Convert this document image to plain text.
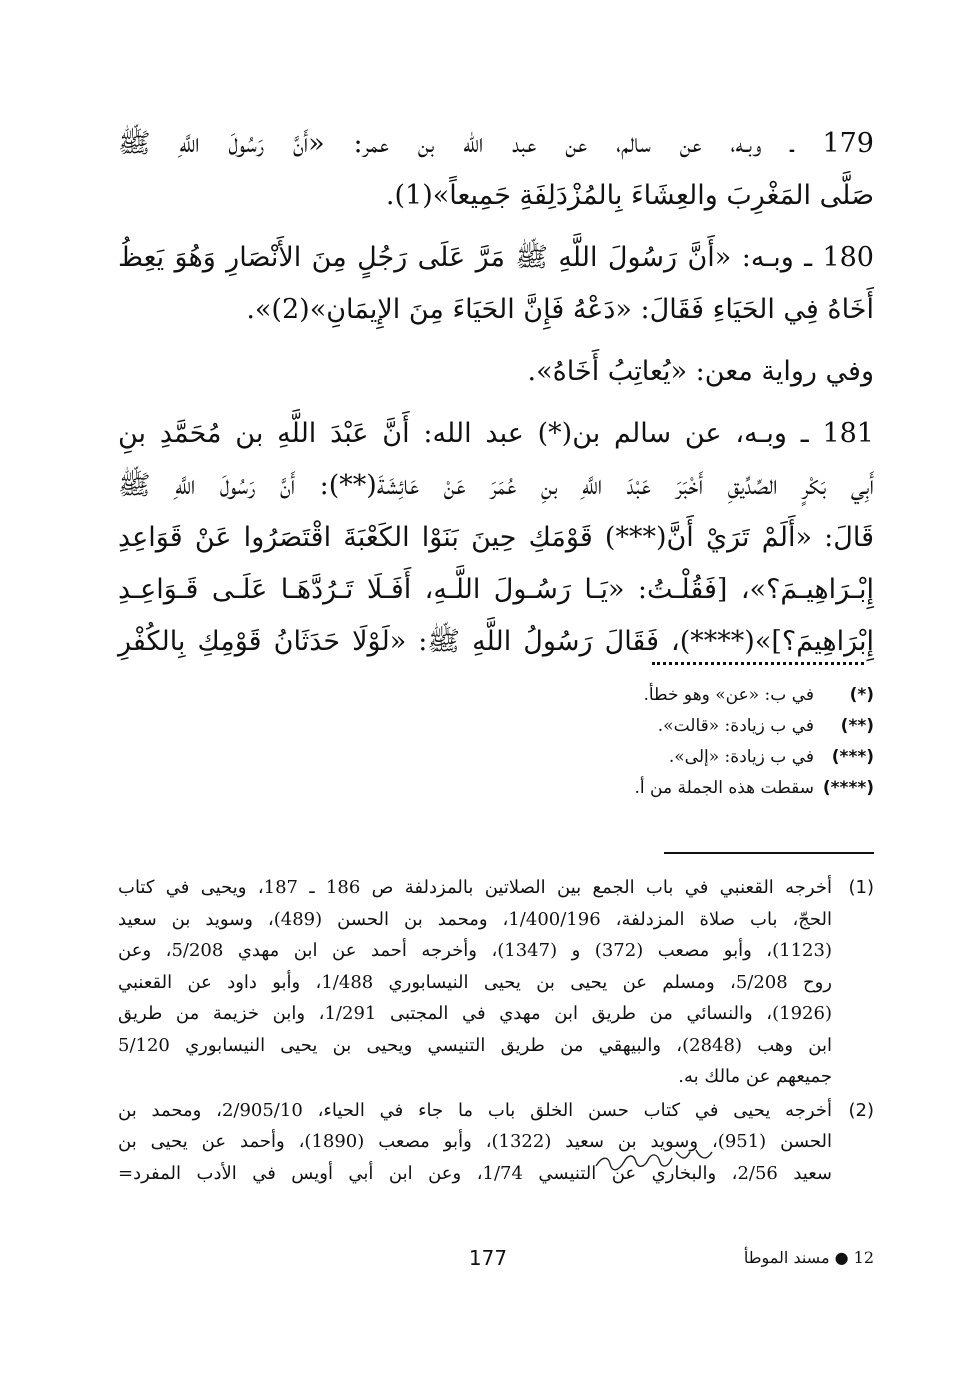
179 ـ وبـه، عن سالم، عن عبد الله بن عمر: «أَنَّ رَسُولَ اللَّهِ ﷺ
صَلَّى المَغْرِبَ والعِشَاءَ بِالمُزْدَلِفَةِ جَمِيعاً»(1).
180 ـ وبـه: «أَنَّ رَسُولَ اللَّهِ ﷺ مَرَّ عَلَى رَجُلٍ مِنَ الأَنْصَارِ وَهُوَ يَعِظُ
أَخَاهُ فِي الحَيَاءِ فَقَالَ: «دَعْهُ فَإِنَّ الحَيَاءَ مِنَ الإِيمَانِ»(2)».
وفي رواية معن: «يُعاتِبُ أَخَاهُ».
181 ـ وبـه، عن سالم بن(*) عبد الله: أَنَّ عَبْدَ اللَّهِ بن مُحَمَّدِ بنِ
أَبِي بَكْرٍ الصِّدِّيقِ أَخْبَرَ عَبْدَ اللَّهِ بنِ عُمَرَ عَنْ عَائِشَةَ(**): أَنَّ رَسُولَ اللَّهِ ﷺ
قَالَ: «أَلَمْ تَرَيْ أَنَّ(***) قَوْمَكِ حِينَ بَنَوْا الكَعْبَةَ اقْتَصَرُوا عَنْ قَوَاعِدِ
إِبْـرَاهِيـمَ؟»، [فَقُلْـتُ: «يَـا رَسُـولَ اللَّـهِ، أَفَـلَا تَـرُدَّهَـا عَلَـى قَـوَاعِـدِ
إِبْرَاهِيمَ؟]»(****)، فَقَالَ رَسُولُ اللَّهِ ﷺ: «لَوْلَا حَدَثَانُ قَوْمِكِ بِالكُفْرِ
(*)
في ب: «عن» وهو خطأ.
(**)
في ب زيادة: «قالت».
(***)
في ب زيادة: «إلى».
(****)
سقطت هذه الجملة من أ.
(1)
أخرجه القعنبي في باب الجمع بين الصلاتين بالمزدلفة ص 186 ـ 187، ويحيى في كتاب
الحجّ، باب صلاة المزدلفة، 1/400/196، ومحمد بن الحسن (489)، وسويد بن سعيد
(1123)، وأبو مصعب (372) و (1347)، وأخرجه أحمد عن ابن مهدي 5/208، وعن
روح 5/208، ومسلم عن يحيى بن يحيى النيسابوري 1/488، وأبو داود عن القعنبي
(1926)، والنسائي من طريق ابن مهدي في المجتبى 1/291، وابن خزيمة من طريق
ابن وهب (2848)، والبيهقي من طريق التنيسي ويحيى بن يحيى النيسابوري 5/120
جميعهم عن مالك به.
(2)
أخرجه يحيى في كتاب حسن الخلق باب ما جاء في الحياء، 2/905/10، ومحمد بن
الحسن (951)، وسويد بن سعيد (1322)، وأبو مصعب (1890)، وأحمد عن يحيى بن
سعيد 2/56، والبخاري عن التنيسي 1/74، وعن ابن أبي أويس في الأدب المفرد=
177	12 ● مسند الموطأ
